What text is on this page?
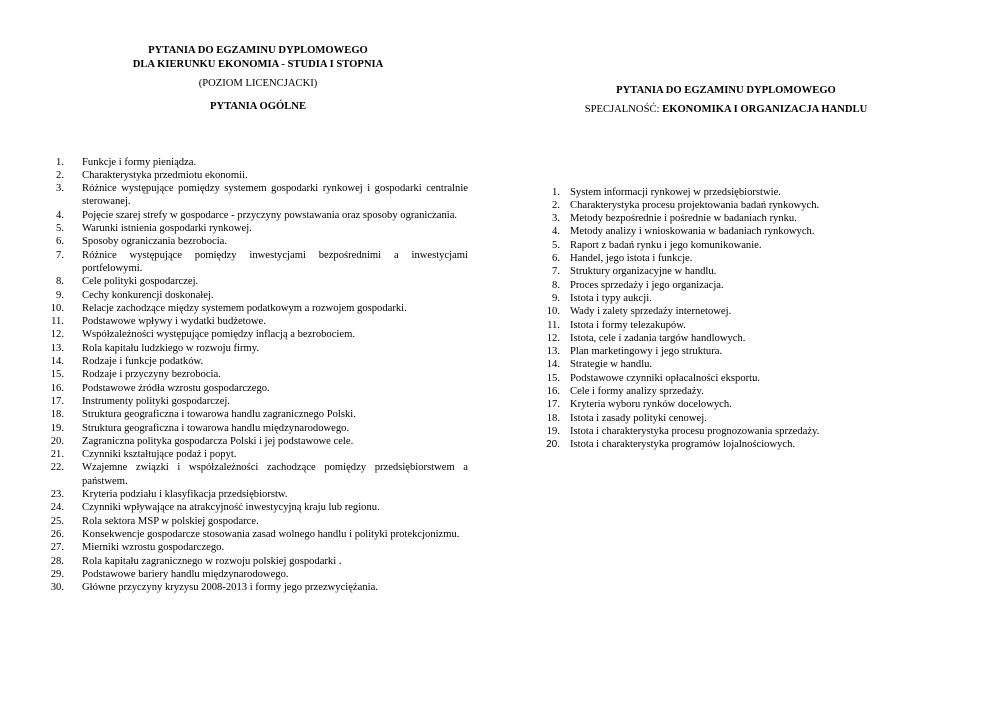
PYTANIA DO EGZAMINU DYPLOMOWEGO
DLA KIERUNKU EKONOMIA - STUDIA I STOPNIA

(POZIOM LICENCJACKI)

PYTANIA OGÓLNE

1. Funkcje i formy pieniądza.
2. Charakterystyka przedmiotu ekonomii.
3. Różnice występujące pomiędzy systemem gospodarki rynkowej i gospodarki centralnie sterowanej.
4. Pojęcie szarej strefy w gospodarce - przyczyny powstawania oraz sposoby ograniczania.
5. Warunki istnienia gospodarki rynkowej.
6. Sposoby ograniczania bezrobocia.
7. Różnice występujące pomiędzy inwestycjami bezpośrednimi a inwestycjami portfelowymi.
8. Cele polityki gospodarczej.
9. Cechy konkurencji doskonałej.
10. Relacje zachodzące między systemem podatkowym a rozwojem gospodarki.
11. Podstawowe wpływy i wydatki budżetowe.
12. Współzależności występujące pomiędzy inflacją a bezrobociem.
13. Rola kapitału ludzkiego w rozwoju firmy.
14. Rodzaje i funkcje podatków.
15. Rodzaje i przyczyny bezrobocia.
16. Podstawowe źródła wzrostu gospodarczego.
17. Instrumenty polityki gospodarczej.
18. Struktura geograficzna i towarowa handlu zagranicznego Polski.
19. Struktura geograficzna i towarowa handlu międzynarodowego.
20. Zagraniczna polityka gospodarcza Polski i jej podstawowe cele.
21. Czynniki kształtujące podaż i popyt.
22. Wzajemne związki i współzależności zachodzące pomiędzy przedsiębiorstwem a państwem.
23. Kryteria podziału i klasyfikacja przedsiębiorstw.
24. Czynniki wpływające na atrakcyjność inwestycyjną kraju lub regionu.
25. Rola sektora MSP w polskiej gospodarce.
26. Konsekwencje gospodarcze stosowania zasad wolnego handlu i polityki protekcjonizmu.
27. Mierniki wzrostu gospodarczego.
28. Rola kapitału zagranicznego w rozwoju polskiej gospodarki .
29. Podstawowe bariery handlu międzynarodowego.
30. Główne przyczyny kryzysu 2008-2013 i formy jego przezwyciężania.

PYTANIA DO EGZAMINU DYPLOMOWEGO

SPECJALNOŚĆ: EKONOMIKA I ORGANIZACJA HANDLU

1. System informacji rynkowej w przedsiębiorstwie.
2. Charakterystyka procesu projektowania badań rynkowych.
3. Metody bezpośrednie i pośrednie w badaniach rynku.
4. Metody analizy i wnioskowania w badaniach rynkowych.
5. Raport z badań rynku i jego komunikowanie.
6. Handel, jego istota i funkcje.
7. Struktury organizacyjne w handlu.
8. Proces sprzedaży i jego organizacja.
9. Istota i typy aukcji.
10. Wady i zalety sprzedaży internetowej.
11. Istota i formy telezakupów.
12. Istota, cele i zadania targów handlowych.
13. Plan marketingowy i jego struktura.
14. Strategie w handlu.
15. Podstawowe czynniki opłacalności eksportu.
16. Cele i formy analizy sprzedaży.
17. Kryteria wyboru rynków docelowych.
18. Istota i zasady polityki cenowej.
19. Istota i charakterystyka procesu prognozowania sprzedaży.
20. Istota i charakterystyka programów lojalnościowych.
